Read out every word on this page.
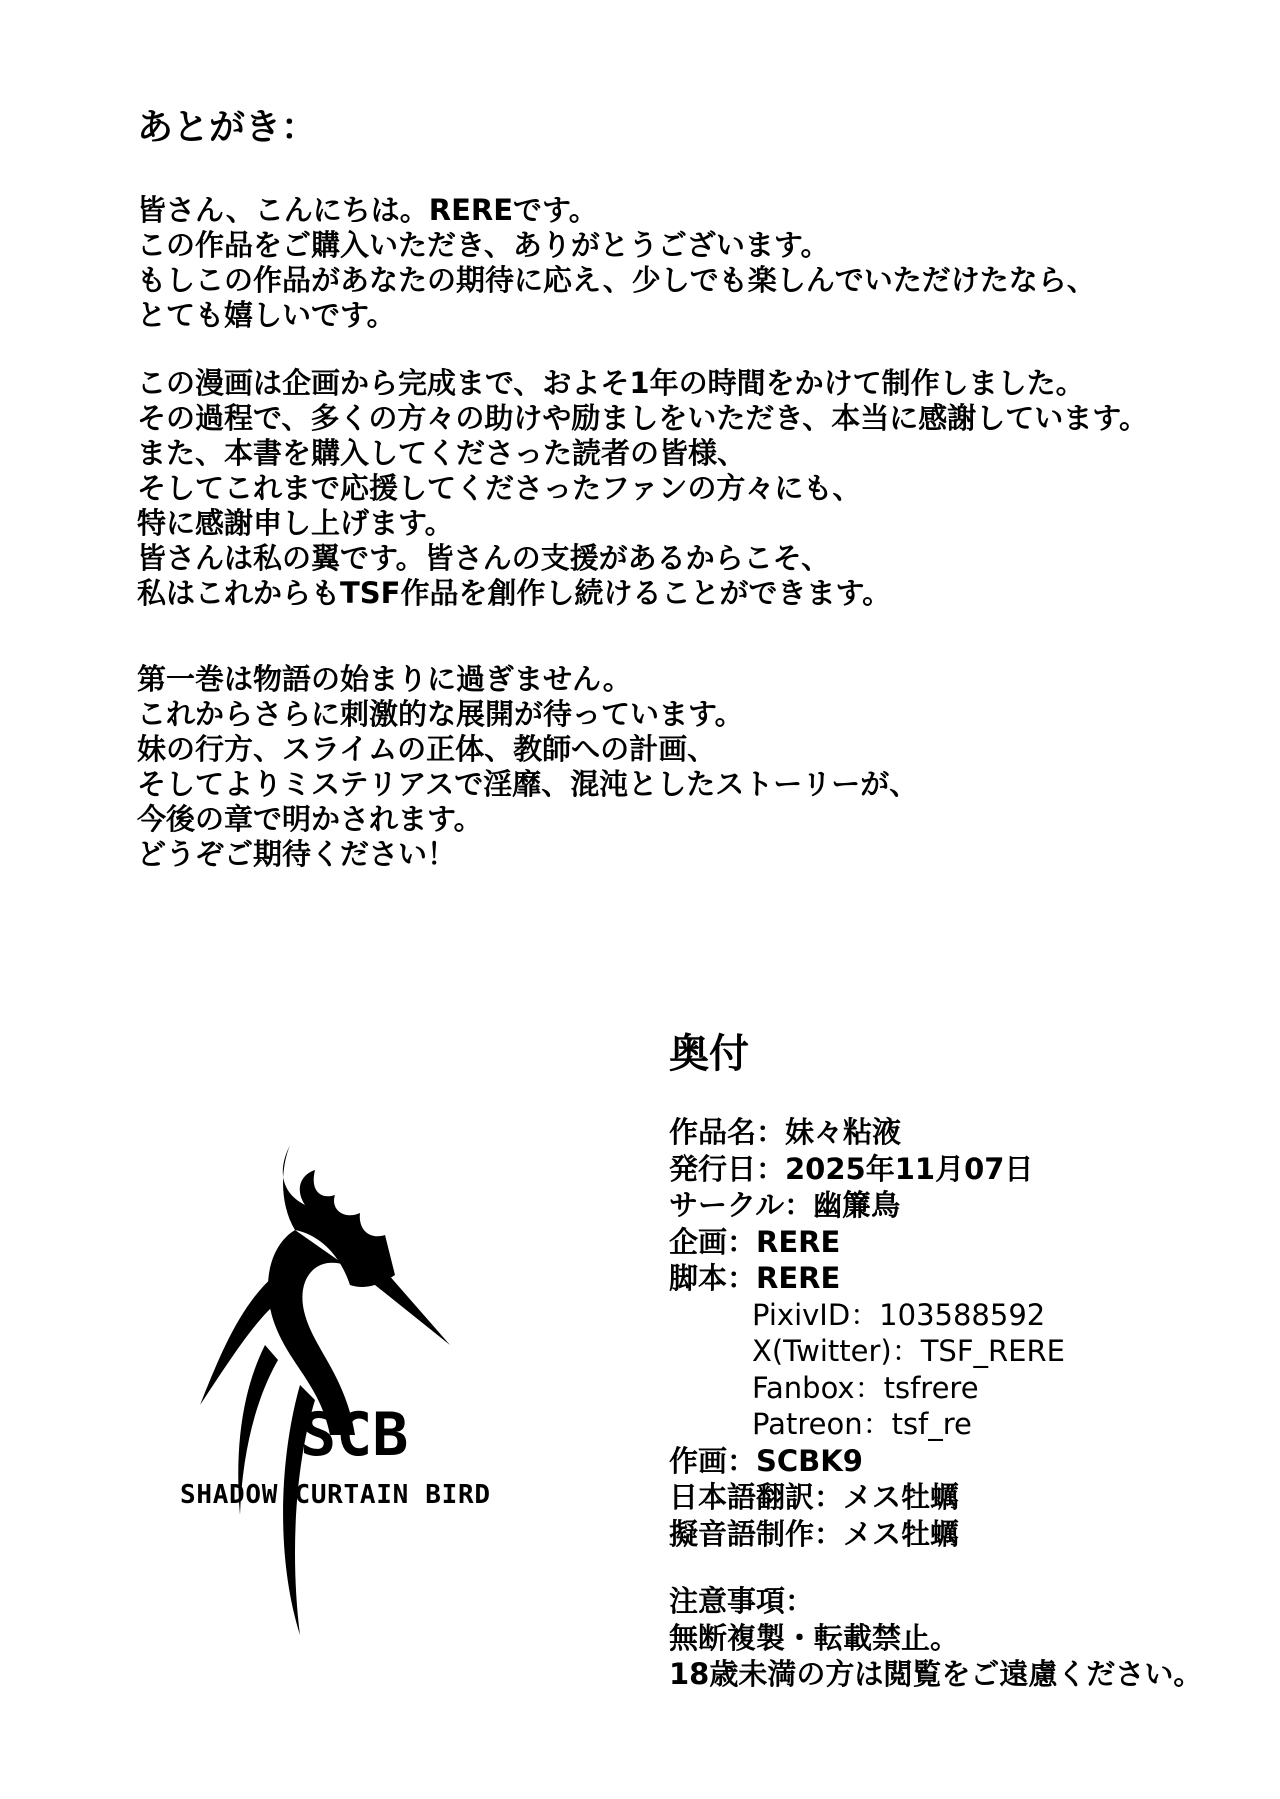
あとがき：
皆さん、こんにちは。REREです。
この作品をご購入いただき、ありがとうございます。
もしこの作品があなたの期待に応え、少しでも楽しんでいただけたなら、
とても嬉しいです。
この漫画は企画から完成まで、およそ1年の時間をかけて制作しました。
その過程で、多くの方々の助けや励ましをいただき、本当に感謝しています。
また、本書を購入してくださった読者の皆様、
そしてこれまで応援してくださったファンの方々にも、
特に感謝申し上げます。
皆さんは私の翼です。皆さんの支援があるからこそ、
私はこれからもTSF作品を創作し続けることができます。
第一巻は物語の始まりに過ぎません。
これからさらに刺激的な展開が待っています。
妹の行方、スライムの正体、教師への計画、
そしてよりミステリアスで淫靡、混沌としたストーリーが、
今後の章で明かされます。
どうぞご期待ください！
SCB
SHADOW CURTAIN BIRD
奥付
作品名：妹々粘液
発行日：2025年11月07日
サークル：幽簾鳥
企画：RERE
脚本：RERE
PixivID：103588592
X(Twitter)：TSF_RERE
Fanbox：tsfrere
Patreon：tsf_re
作画：SCBK9
日本語翻訳：メス牡蠣
擬音語制作：メス牡蠣
注意事項：
無断複製・転載禁止。
18歳未満の方は閲覧をご遠慮ください。
